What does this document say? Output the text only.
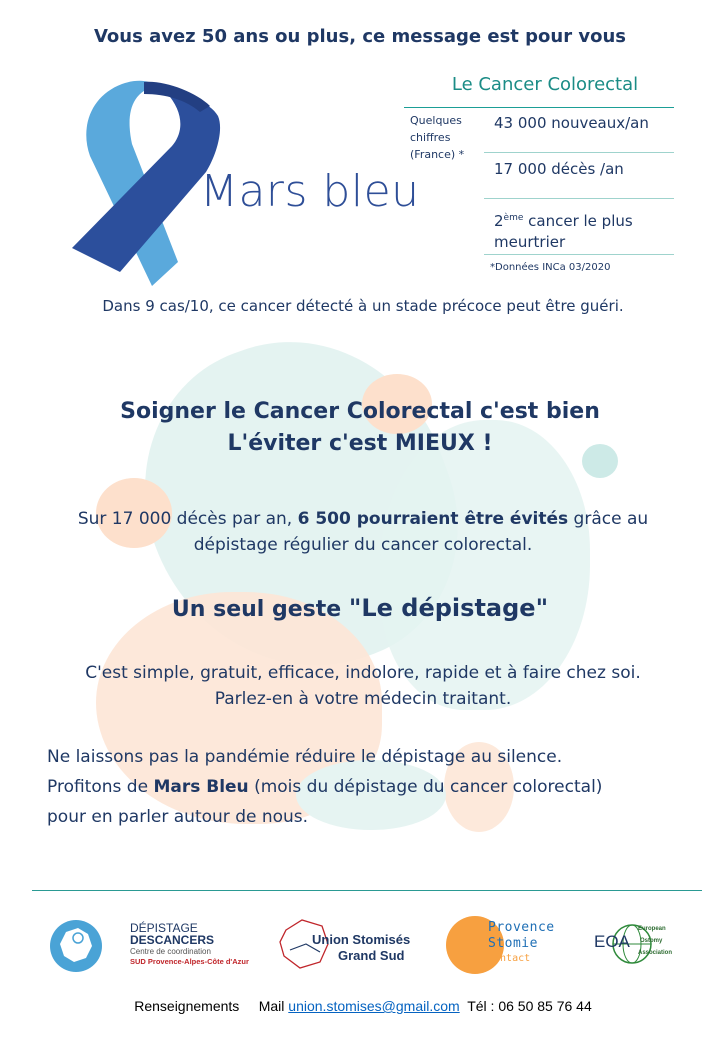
Vous avez 50 ans ou plus, ce message est pour vous
Mars bleu
Le Cancer Colorectal
Quelques chiffres (France) *
43 000 nouveaux/an
17 000 décès /an
2ème cancer le plus meurtrier
*Données INCa 03/2020
Dans 9 cas/10, ce cancer détecté à un stade précoce peut être guéri.
Soigner le Cancer Colorectal c'est bien
L'éviter c'est MIEUX !
Sur 17 000 décès par an, 6 500 pourraient être évités grâce au dépistage régulier du cancer colorectal.
Un seul geste "Le dépistage"
C'est simple, gratuit, efficace, indolore, rapide et à faire chez soi.
Parlez-en à votre médecin traitant.
Ne laissons pas la pandémie réduire le dépistage au silence.
Profitons de Mars Bleu (mois du dépistage du cancer colorectal)
pour en parler autour de nous.
DÉPISTAGE
DESCANCERS
Centre de coordination
SUD Provence-Alpes-Côte d'Azur
Union Stomisés
Grand Sud
Provence
Stomie
Contact
EOA
European
Ostomy
Association
Renseignements Mail union.stomises@gmail.com Tél : 06 50 85 76 44
